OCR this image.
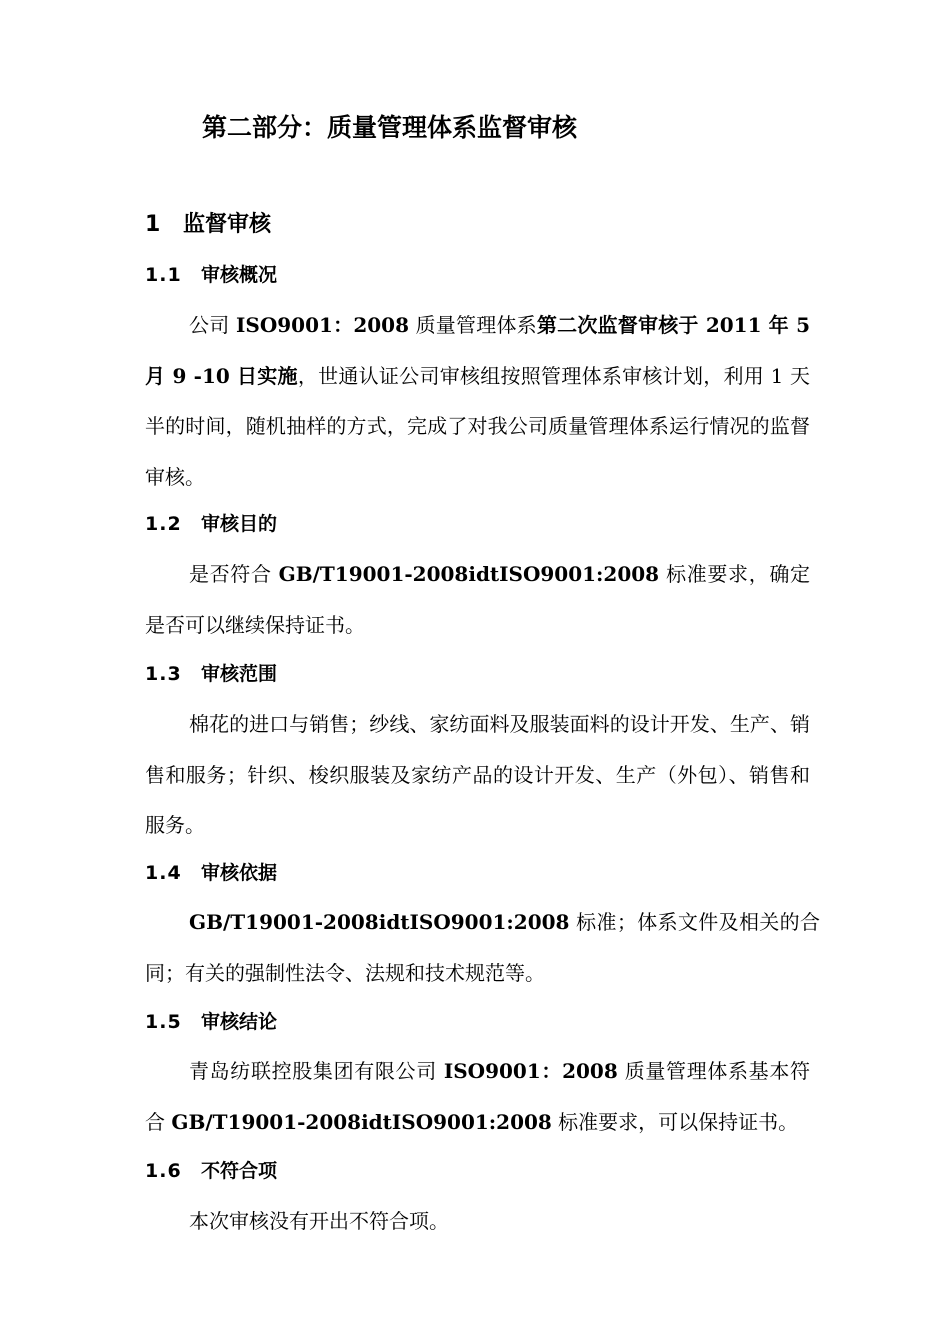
第二部分：质量管理体系监督审核
1 监督审核
1.1 审核概况
公司 ISO9001：2008 质量管理体系第二次监督审核于 2011 年 5 月 9 -10 日实施，世通认证公司审核组按照管理体系审核计划，利用 1 天半的时间，随机抽样的方式，完成了对我公司质量管理体系运行情况的监督审核。
1.2 审核目的
是否符合 GB/T19001-2008idtISO9001:2008 标准要求，确定是否可以继续保持证书。
1.3 审核范围
棉花的进口与销售；纱线、家纺面料及服装面料的设计开发、生产、销售和服务；针织、梭织服装及家纺产品的设计开发、生产（外包）、销售和服务。
1.4 审核依据
GB/T19001-2008idtISO9001:2008 标准；体系文件及相关的合同；有关的强制性法令、法规和技术规范等。
1.5 审核结论
青岛纺联控股集团有限公司 ISO9001：2008 质量管理体系基本符合 GB/T19001-2008idtISO9001:2008 标准要求，可以保持证书。
1.6 不符合项
本次审核没有开出不符合项。
